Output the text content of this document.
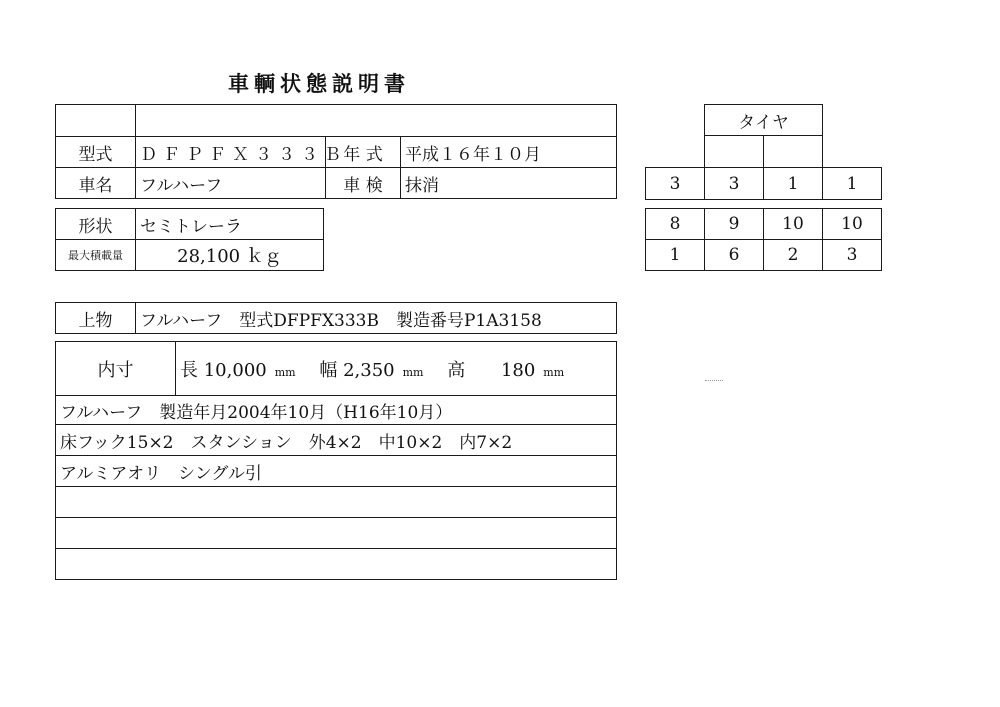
車輌状態説明書

型式	ＤＦＰＦＸ３３３Ｂ	年 式	平成１６年１０月
車名	フルハーフ	車 検	抹消
形状	セミトレーラ
最大積載量	28,100 ｋｇ
	タイヤ		

3	3	1	1
8	9	10	10
1	6	2	3
上物	フルハーフ　型式DFPFX333B　製造番号P1A3158
内寸	長 10,000 mm 幅 2,350 mm 高 180 mm
フルハーフ　製造年月2004年10月（H16年10月）
床フック15×2　スタンション　外4×2　中10×2　内7×2
アルミアオリ　シングル引
